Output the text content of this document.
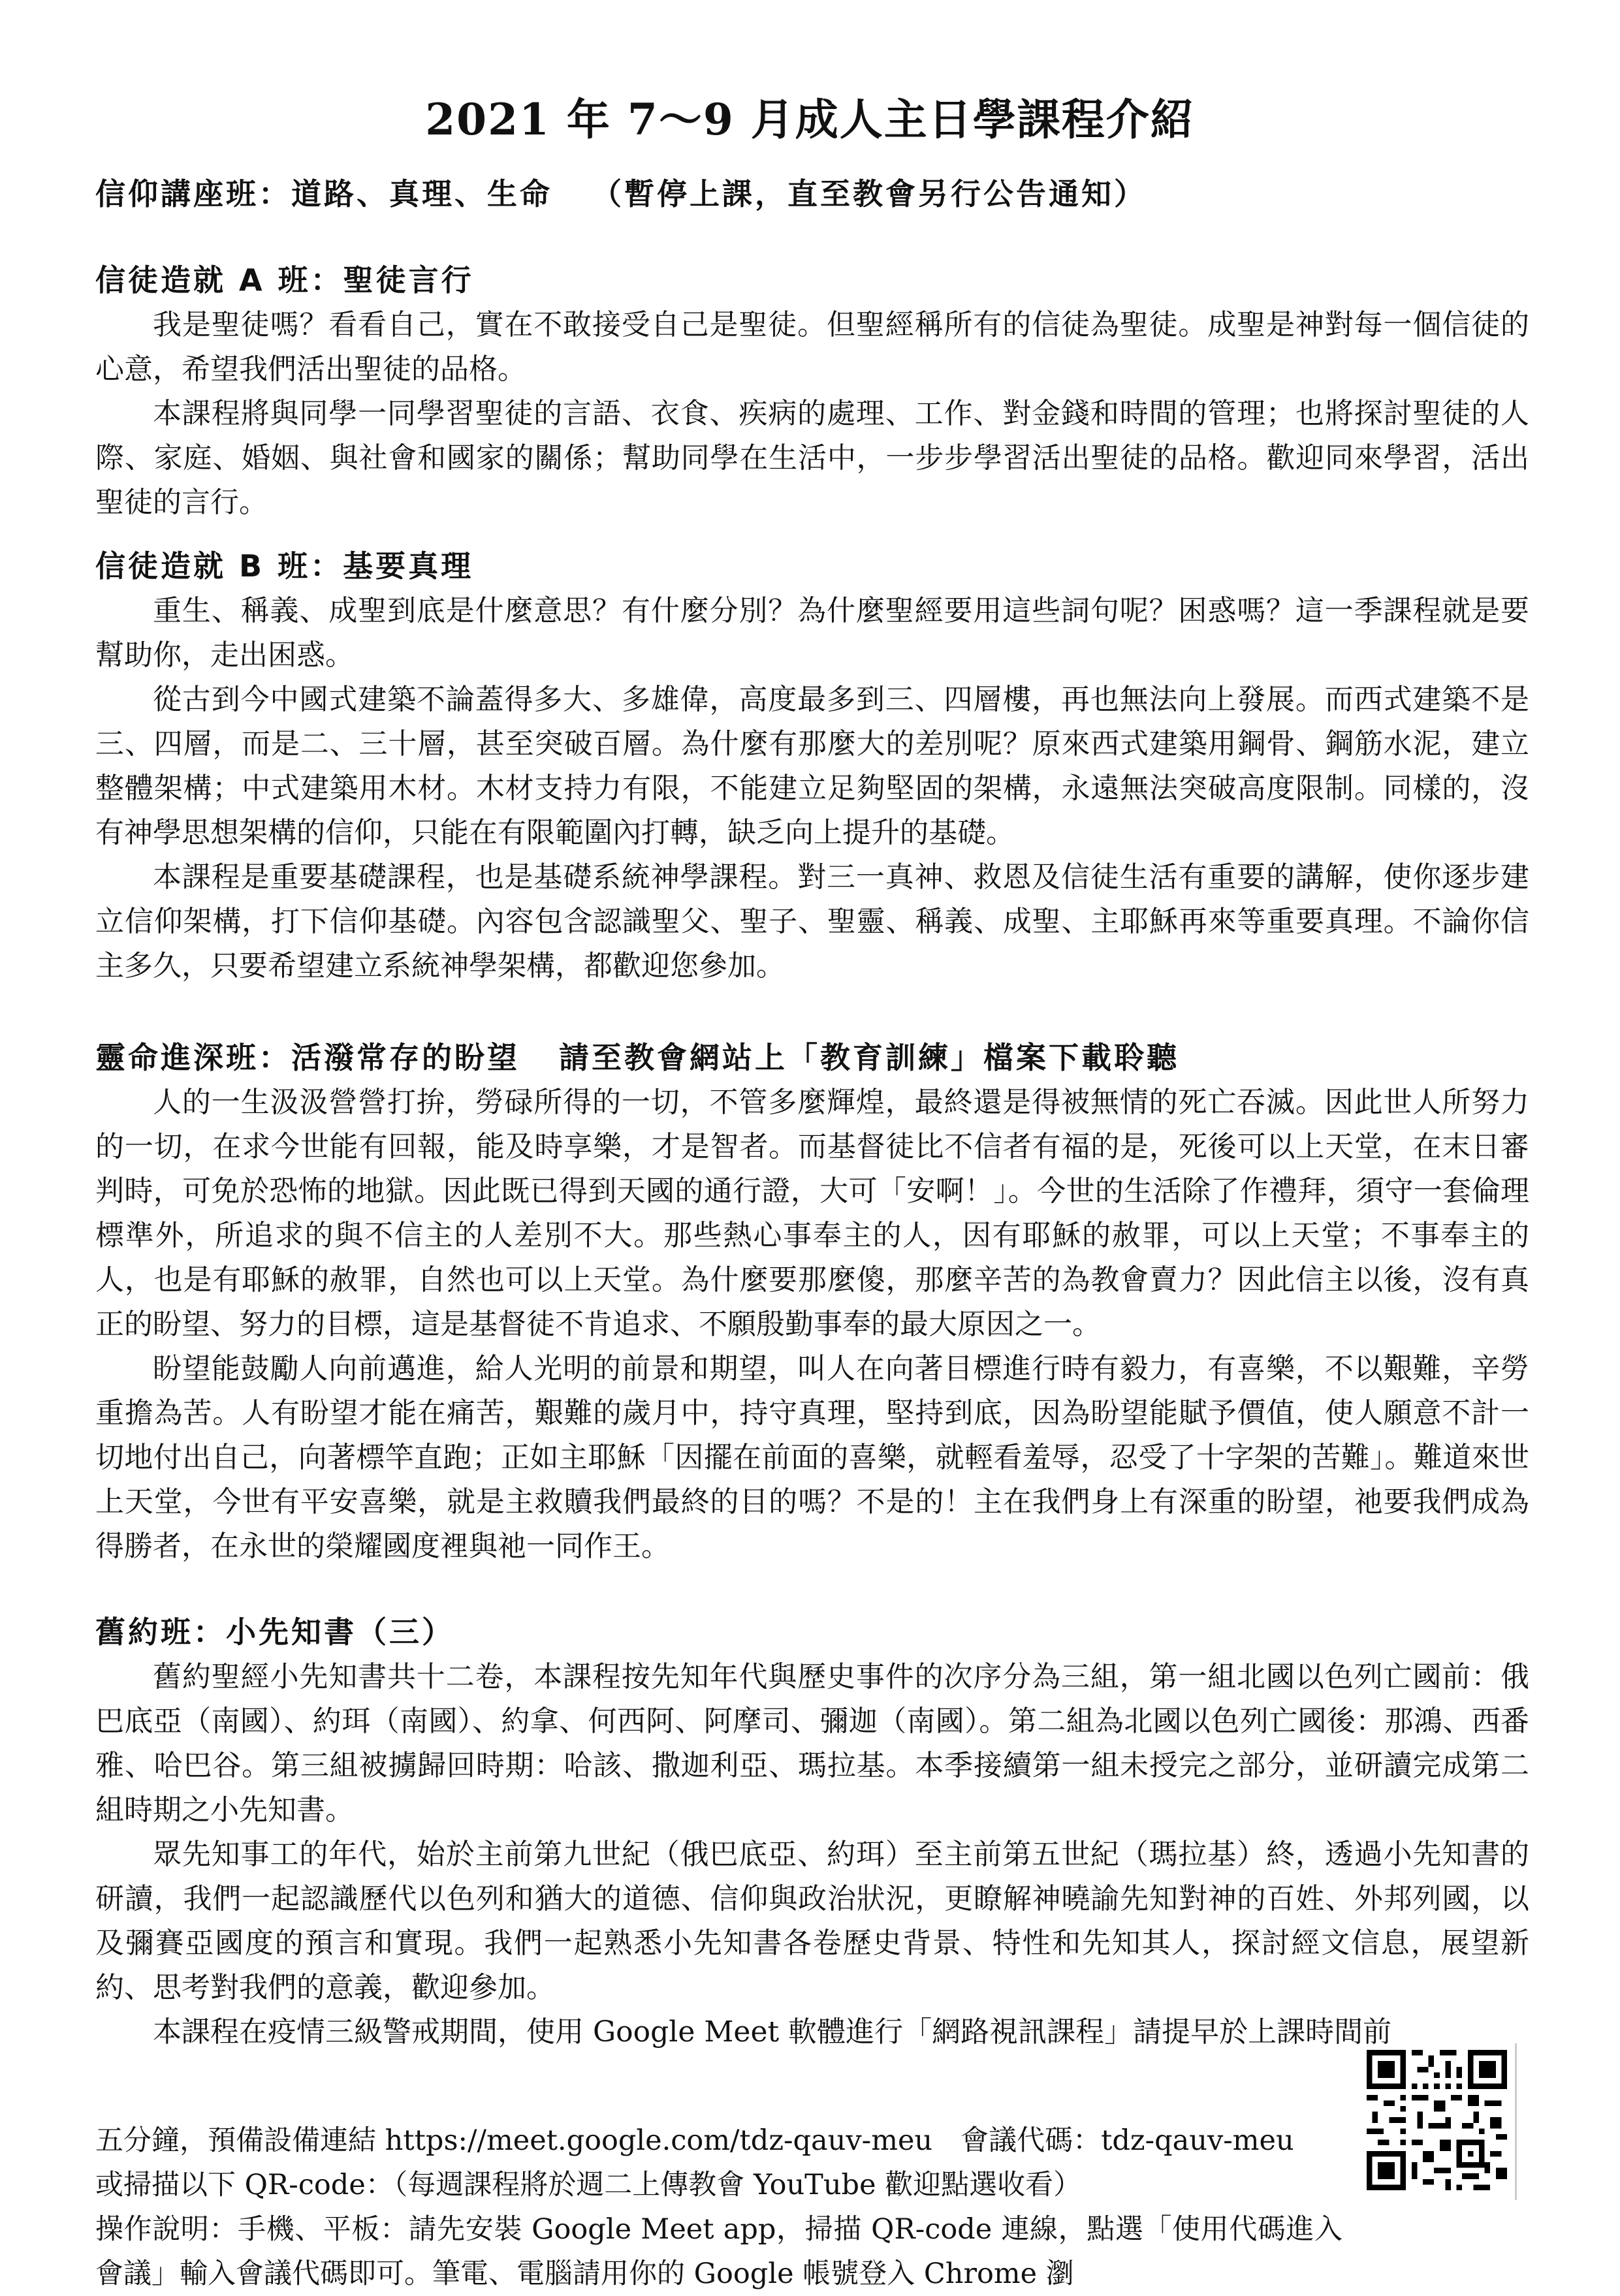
2021 年 7～9 月成人主日學課程介紹

信仰講座班：道路、真理、生命 （暫停上課，直至教會另行公告通知）

信徒造就 A 班：聖徒言行

我是聖徒嗎？看看自己，實在不敢接受自己是聖徒。但聖經稱所有的信徒為聖徒。成聖是神對每一個信徒的心意，希望我們活出聖徒的品格。

本課程將與同學一同學習聖徒的言語、衣食、疾病的處理、工作、對金錢和時間的管理；也將探討聖徒的人際、家庭、婚姻、與社會和國家的關係；幫助同學在生活中，一步步學習活出聖徒的品格。歡迎同來學習，活出聖徒的言行。

信徒造就 B 班：基要真理

重生、稱義、成聖到底是什麼意思？有什麼分別？為什麼聖經要用這些詞句呢？困惑嗎？這一季課程就是要幫助你，走出困惑。

從古到今中國式建築不論蓋得多大、多雄偉，高度最多到三、四層樓，再也無法向上發展。而西式建築不是三、四層，而是二、三十層，甚至突破百層。為什麼有那麼大的差別呢？原來西式建築用鋼骨、鋼筋水泥，建立整體架構；中式建築用木材。木材支持力有限，不能建立足夠堅固的架構，永遠無法突破高度限制。同樣的，沒有神學思想架構的信仰，只能在有限範圍內打轉，缺乏向上提升的基礎。

本課程是重要基礎課程，也是基礎系統神學課程。對三一真神、救恩及信徒生活有重要的講解，使你逐步建立信仰架構，打下信仰基礎。內容包含認識聖父、聖子、聖靈、稱義、成聖、主耶穌再來等重要真理。不論你信主多久，只要希望建立系統神學架構，都歡迎您參加。

靈命進深班：活潑常存的盼望 請至教會網站上「教育訓練」檔案下載聆聽

人的一生汲汲營營打拚，勞碌所得的一切，不管多麼輝煌，最終還是得被無情的死亡吞滅。因此世人所努力的一切，在求今世能有回報，能及時享樂，才是智者。而基督徒比不信者有福的是，死後可以上天堂，在末日審判時，可免於恐怖的地獄。因此既已得到天國的通行證，大可「安啊！」。今世的生活除了作禮拜，須守一套倫理標準外，所追求的與不信主的人差別不大。那些熱心事奉主的人，因有耶穌的赦罪，可以上天堂；不事奉主的人，也是有耶穌的赦罪，自然也可以上天堂。為什麼要那麼傻，那麼辛苦的為教會賣力？因此信主以後，沒有真正的盼望、努力的目標，這是基督徒不肯追求、不願殷勤事奉的最大原因之一。

盼望能鼓勵人向前邁進，給人光明的前景和期望，叫人在向著目標進行時有毅力，有喜樂，不以艱難，辛勞重擔為苦。人有盼望才能在痛苦，艱難的歲月中，持守真理，堅持到底，因為盼望能賦予價值，使人願意不計一切地付出自己，向著標竿直跑；正如主耶穌「因擺在前面的喜樂，就輕看羞辱，忍受了十字架的苦難」。難道來世上天堂，今世有平安喜樂，就是主救贖我們最終的目的嗎？不是的！主在我們身上有深重的盼望，祂要我們成為得勝者，在永世的榮耀國度裡與祂一同作王。

舊約班：小先知書（三）

舊約聖經小先知書共十二卷，本課程按先知年代與歷史事件的次序分為三組，第一組北國以色列亡國前：俄巴底亞（南國）、約珥（南國）、約拿、何西阿、阿摩司、彌迦（南國）。第二組為北國以色列亡國後：那鴻、西番雅、哈巴谷。第三組被擄歸回時期：哈該、撒迦利亞、瑪拉基。本季接續第一組未授完之部分，並研讀完成第二組時期之小先知書。

眾先知事工的年代，始於主前第九世紀（俄巴底亞、約珥）至主前第五世紀（瑪拉基）終，透過小先知書的研讀，我們一起認識歷代以色列和猶大的道德、信仰與政治狀況，更瞭解神曉諭先知對神的百姓、外邦列國，以及彌賽亞國度的預言和實現。我們一起熟悉小先知書各卷歷史背景、特性和先知其人，探討經文信息，展望新約、思考對我們的意義，歡迎參加。

本課程在疫情三級警戒期間，使用 Google Meet 軟體進行「網路視訊課程」請提早於上課時間前

五分鐘，預備設備連結 https://meet.google.com/tdz-qauv-meu　會議代碼：tdz-qauv-meu

或掃描以下 QR-code：（每週課程將於週二上傳教會 YouTube 歡迎點選收看）

操作說明：手機、平板：請先安裝 Google Meet app，掃描 QR-code 連線，點選「使用代碼進入會議」輸入會議代碼即可。筆電、電腦請用你的 Google 帳號登入 Chrome 瀏
